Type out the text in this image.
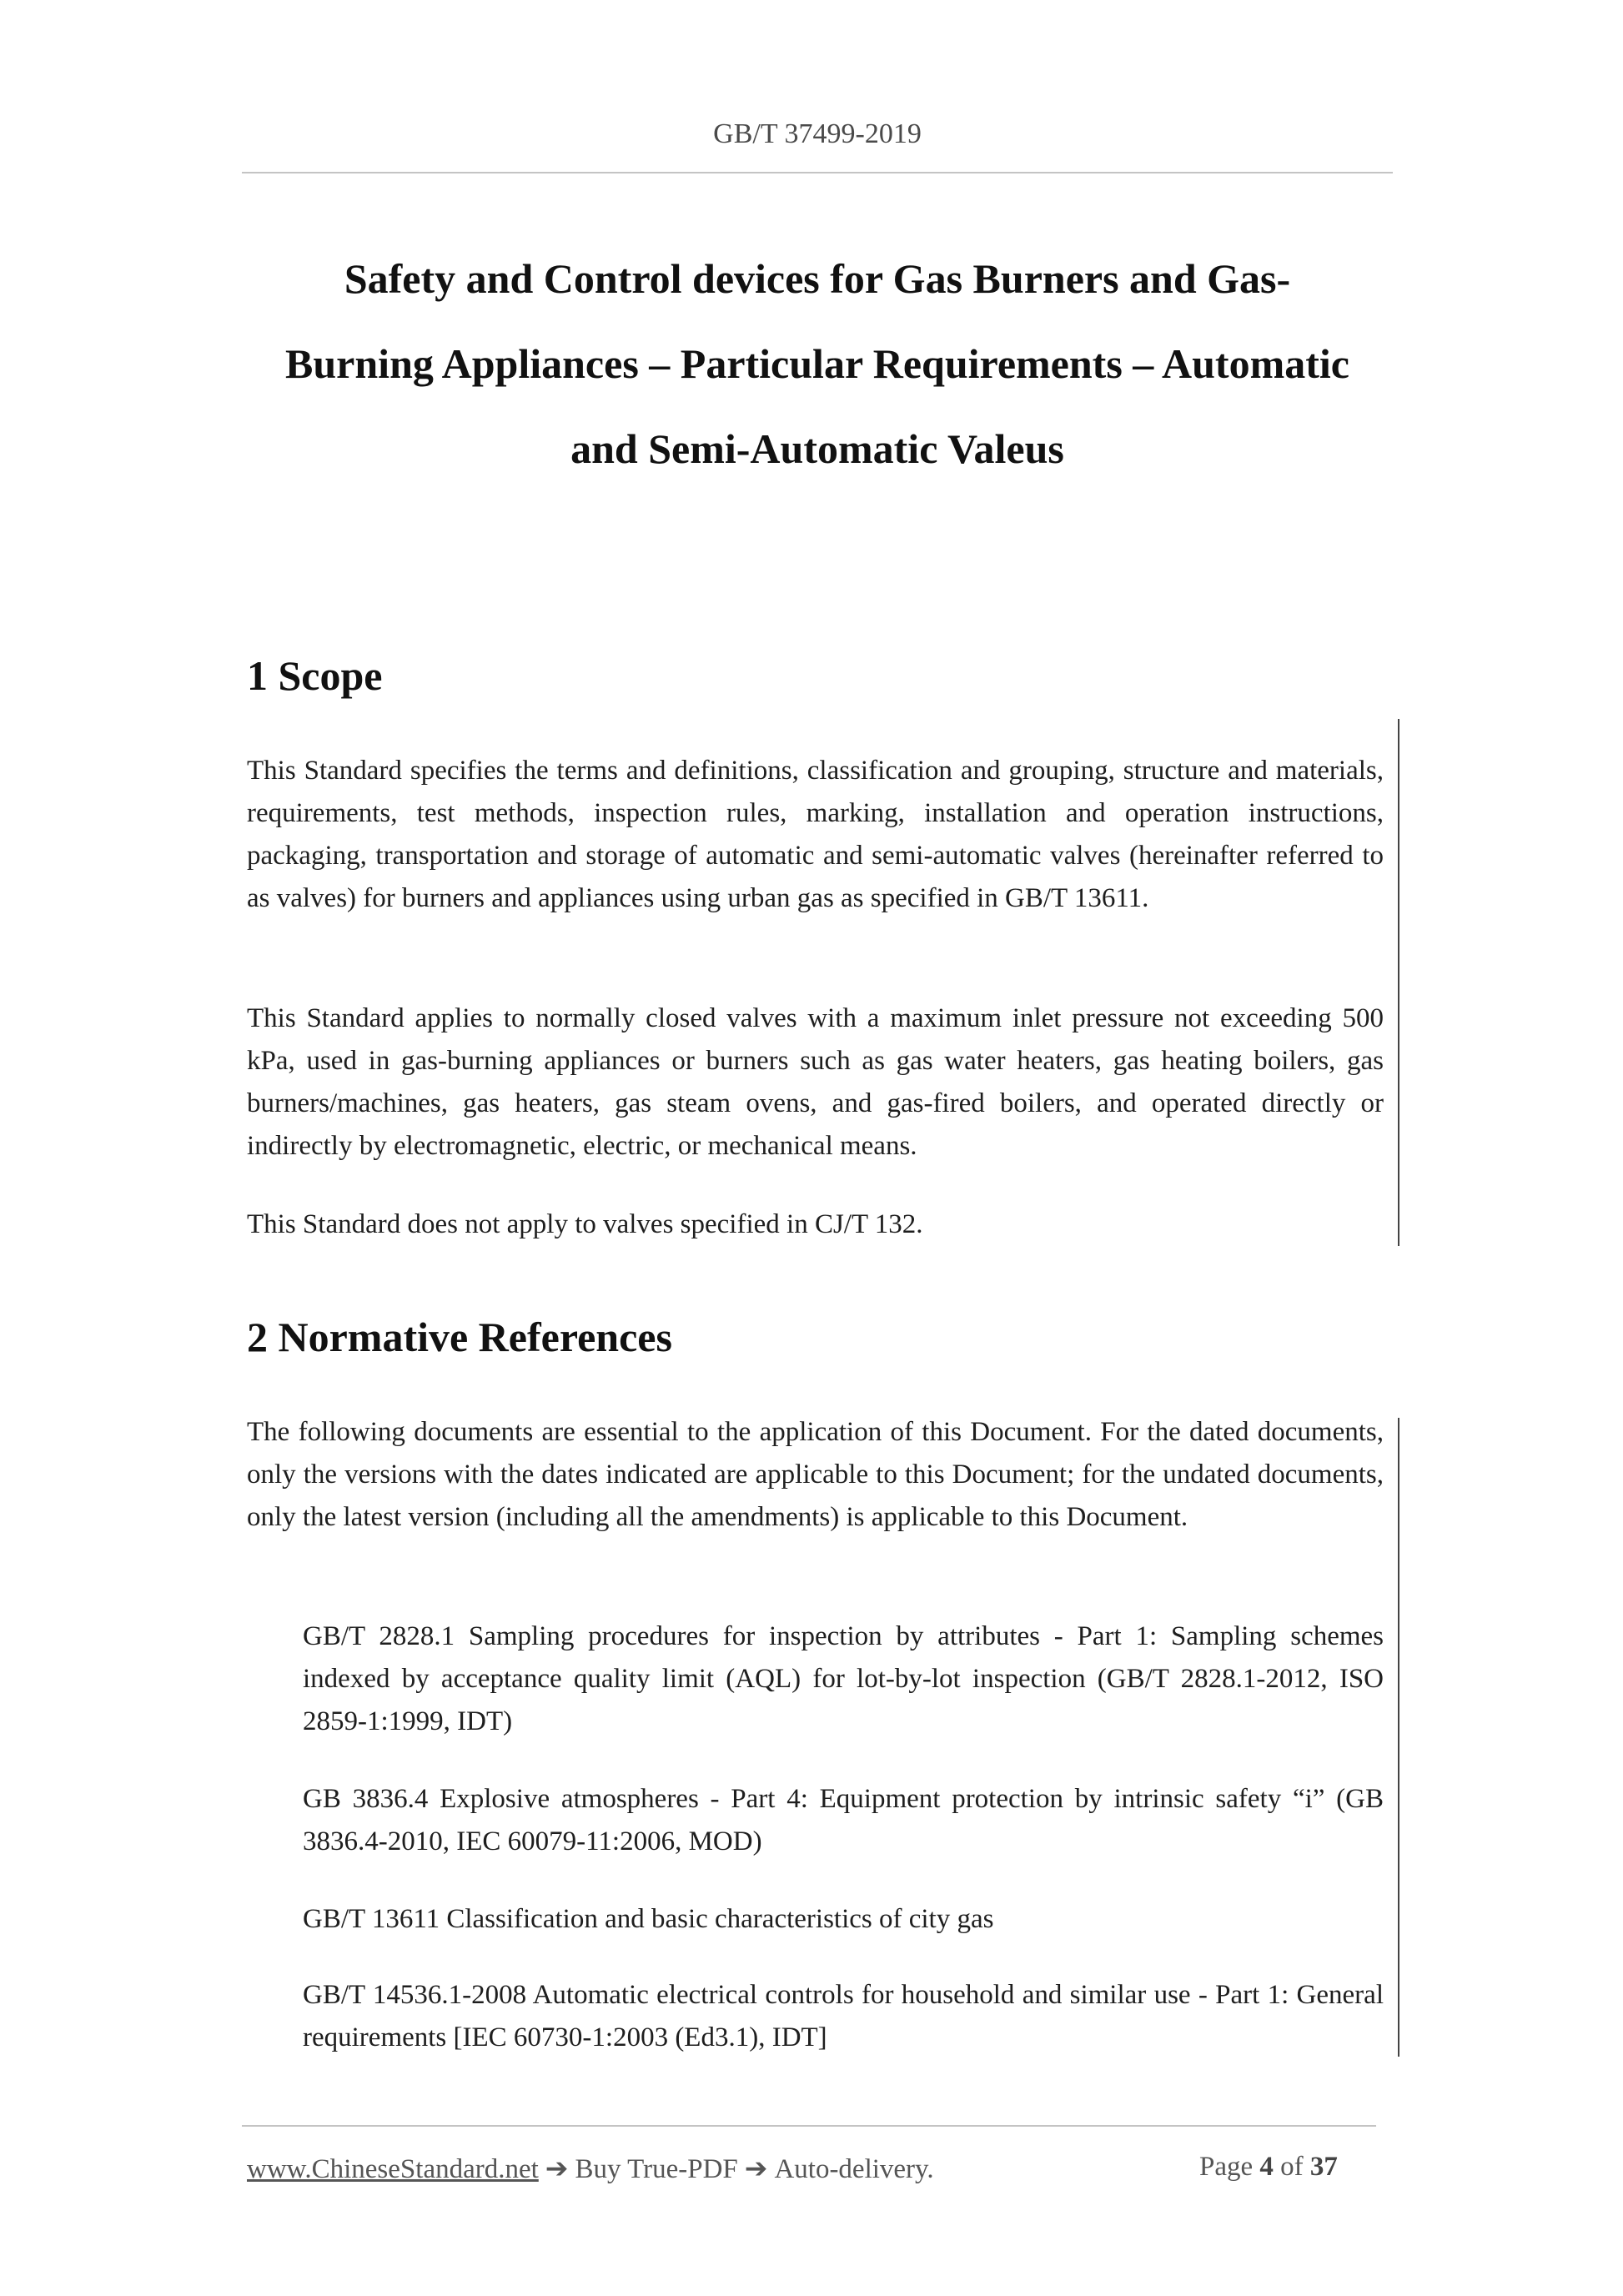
GB/T 37499-2019
Safety and Control devices for Gas Burners and Gas-
Burning Appliances – Particular Requirements – Automatic
and Semi-Automatic Valeus
1 Scope
This Standard specifies the terms and definitions, classification and grouping, structure and materials, requirements, test methods, inspection rules, marking, installation and operation instructions, packaging, transportation and storage of automatic and semi-automatic valves (hereinafter referred to as valves) for burners and appliances using urban gas as specified in GB/T 13611.
This Standard applies to normally closed valves with a maximum inlet pressure not exceeding 500 kPa, used in gas-burning appliances or burners such as gas water heaters, gas heating boilers, gas burners/machines, gas heaters, gas steam ovens, and gas-fired boilers, and operated directly or indirectly by electromagnetic, electric, or mechanical means.
This Standard does not apply to valves specified in CJ/T 132.
2 Normative References
The following documents are essential to the application of this Document. For the dated documents, only the versions with the dates indicated are applicable to this Document; for the undated documents, only the latest version (including all the amendments) is applicable to this Document.
GB/T 2828.1 Sampling procedures for inspection by attributes - Part 1: Sampling schemes indexed by acceptance quality limit (AQL) for lot-by-lot inspection (GB/T 2828.1-2012, ISO 2859-1:1999, IDT)
GB 3836.4 Explosive atmospheres - Part 4: Equipment protection by intrinsic safety “i” (GB 3836.4-2010, IEC 60079-11:2006, MOD)
GB/T 13611 Classification and basic characteristics of city gas
GB/T 14536.1-2008 Automatic electrical controls for household and similar use - Part 1: General requirements [IEC 60730-1:2003 (Ed3.1), IDT]
www.ChineseStandard.net ➔ Buy True-PDF ➔ Auto-delivery.	Page 4 of 37
